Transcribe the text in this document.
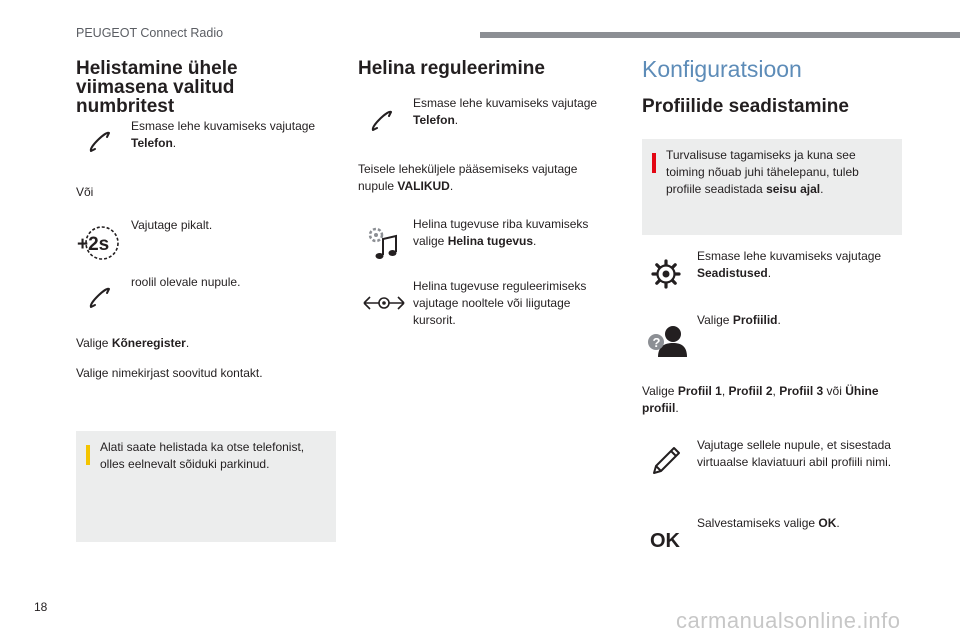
PEUGEOT Connect Radio
Helistamine ühele viimasena valitud numbritest
Esmase lehe kuvamiseks vajutage Telefon.
Või
+2s
Vajutage pikalt.
roolil olevale nupule.
Valige Kõneregister.
Valige nimekirjast soovitud kontakt.
Alati saate helistada ka otse telefonist, olles eelnevalt sõiduki parkinud.
Helina reguleerimine
Esmase lehe kuvamiseks vajutage Telefon.
Teisele leheküljele pääsemiseks vajutage nupule VALIKUD.
Helina tugevuse riba kuvamiseks valige Helina tugevus.
Helina tugevuse reguleerimiseks vajutage nooltele või liigutage kursorit.
Konfiguratsioon
Profiilide seadistamine
Turvalisuse tagamiseks ja kuna see toiming nõuab juhi tähelepanu, tuleb profiile seadistada seisu ajal.
Esmase lehe kuvamiseks vajutage Seadistused.
?
Valige Profiilid.
Valige Profiil 1, Profiil 2, Profiil 3 või Ühine profiil.
Vajutage sellele nupule, et sisestada virtuaalse klaviatuuri abil profiili nimi.
OK
Salvestamiseks valige OK.
18
carmanualsonline.info
